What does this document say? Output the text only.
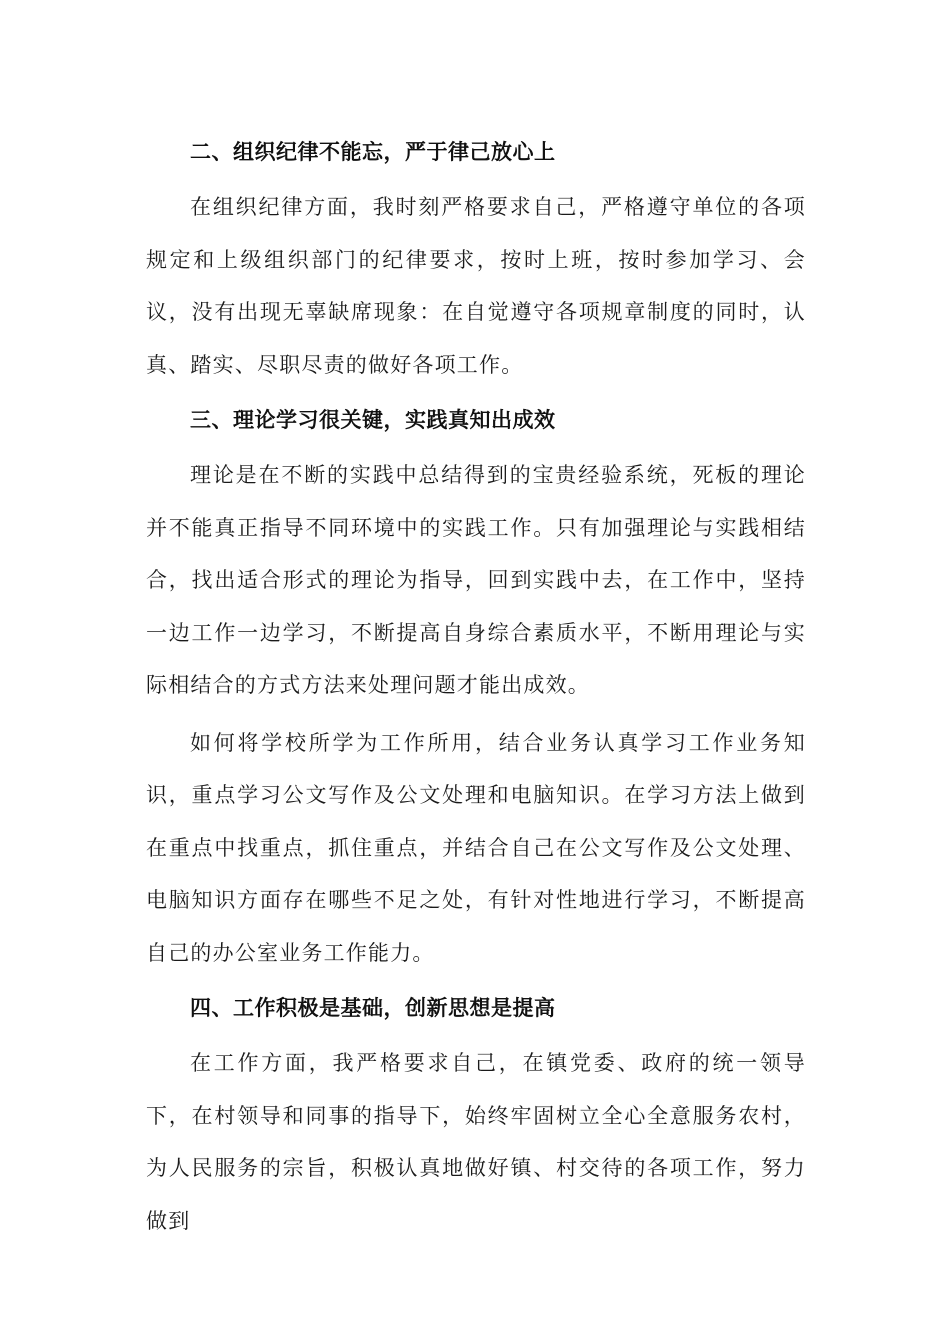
二、组织纪律不能忘，严于律己放心上
在组织纪律方面，我时刻严格要求自己，严格遵守单位的各项规定和上级组织部门的纪律要求，按时上班，按时参加学习、会议，没有出现无辜缺席现象：在自觉遵守各项规章制度的同时，认真、踏实、尽职尽责的做好各项工作。
三、理论学习很关键，实践真知出成效
理论是在不断的实践中总结得到的宝贵经验系统，死板的理论并不能真正指导不同环境中的实践工作。只有加强理论与实践相结合，找出适合形式的理论为指导，回到实践中去，在工作中，坚持一边工作一边学习，不断提高自身综合素质水平，不断用理论与实际相结合的方式方法来处理问题才能出成效。
如何将学校所学为工作所用，结合业务认真学习工作业务知识，重点学习公文写作及公文处理和电脑知识。在学习方法上做到在重点中找重点，抓住重点，并结合自己在公文写作及公文处理、电脑知识方面存在哪些不足之处，有针对性地进行学习，不断提高自己的办公室业务工作能力。
四、工作积极是基础，创新思想是提高
在工作方面，我严格要求自己，在镇党委、政府的统一领导下，在村领导和同事的指导下，始终牢固树立全心全意服务农村，为人民服务的宗旨，积极认真地做好镇、村交待的各项工作，努力做到
